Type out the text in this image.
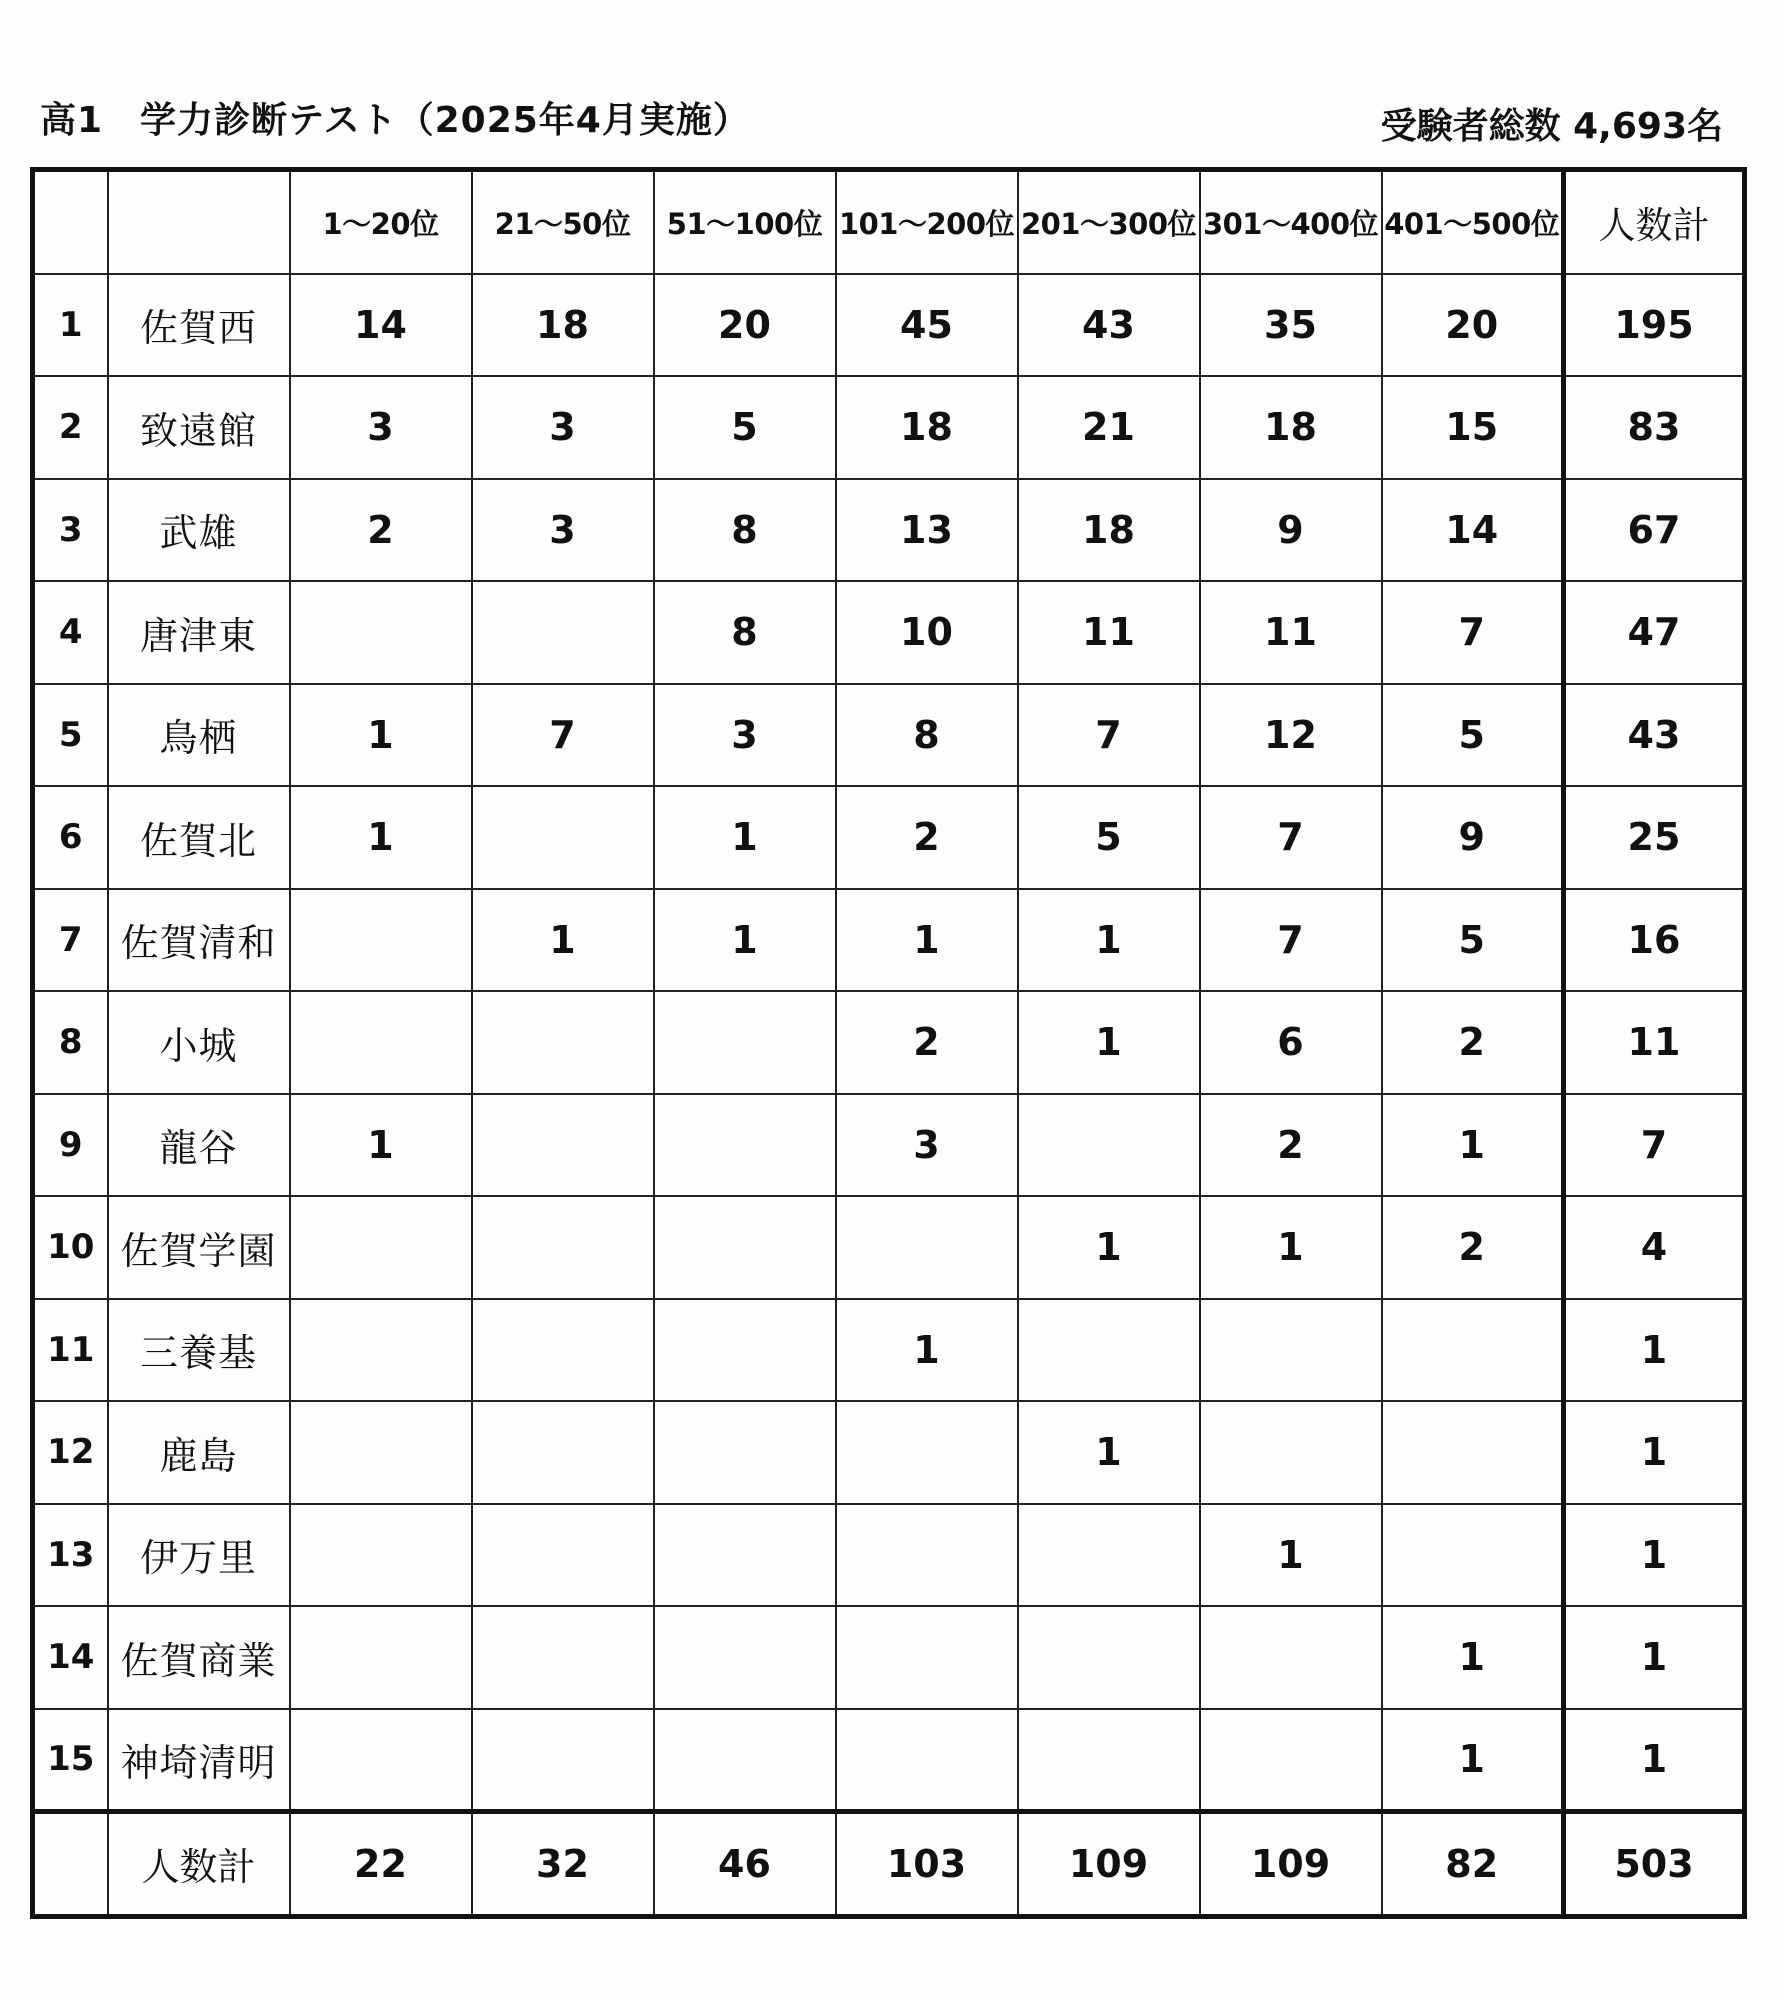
高1　学力診断テスト（2025年4月実施）	受験者総数 4,693名
		1～20位	21～50位	51～100位	101～200位	201～300位	301～400位	401～500位	人数計
1	佐賀西	14	18	20	45	43	35	20	195
2	致遠館	3	3	5	18	21	18	15	83
3	武雄	2	3	8	13	18	9	14	67
4	唐津東			8	10	11	11	7	47
5	鳥栖	1	7	3	8	7	12	5	43
6	佐賀北	1		1	2	5	7	9	25
7	佐賀清和		1	1	1	1	7	5	16
8	小城				2	1	6	2	11
9	龍谷	1			3		2	1	7
10	佐賀学園					1	1	2	4
11	三養基				1				1
12	鹿島					1			1
13	伊万里						1		1
14	佐賀商業							1	1
15	神埼清明							1	1
	人数計	22	32	46	103	109	109	82	503
